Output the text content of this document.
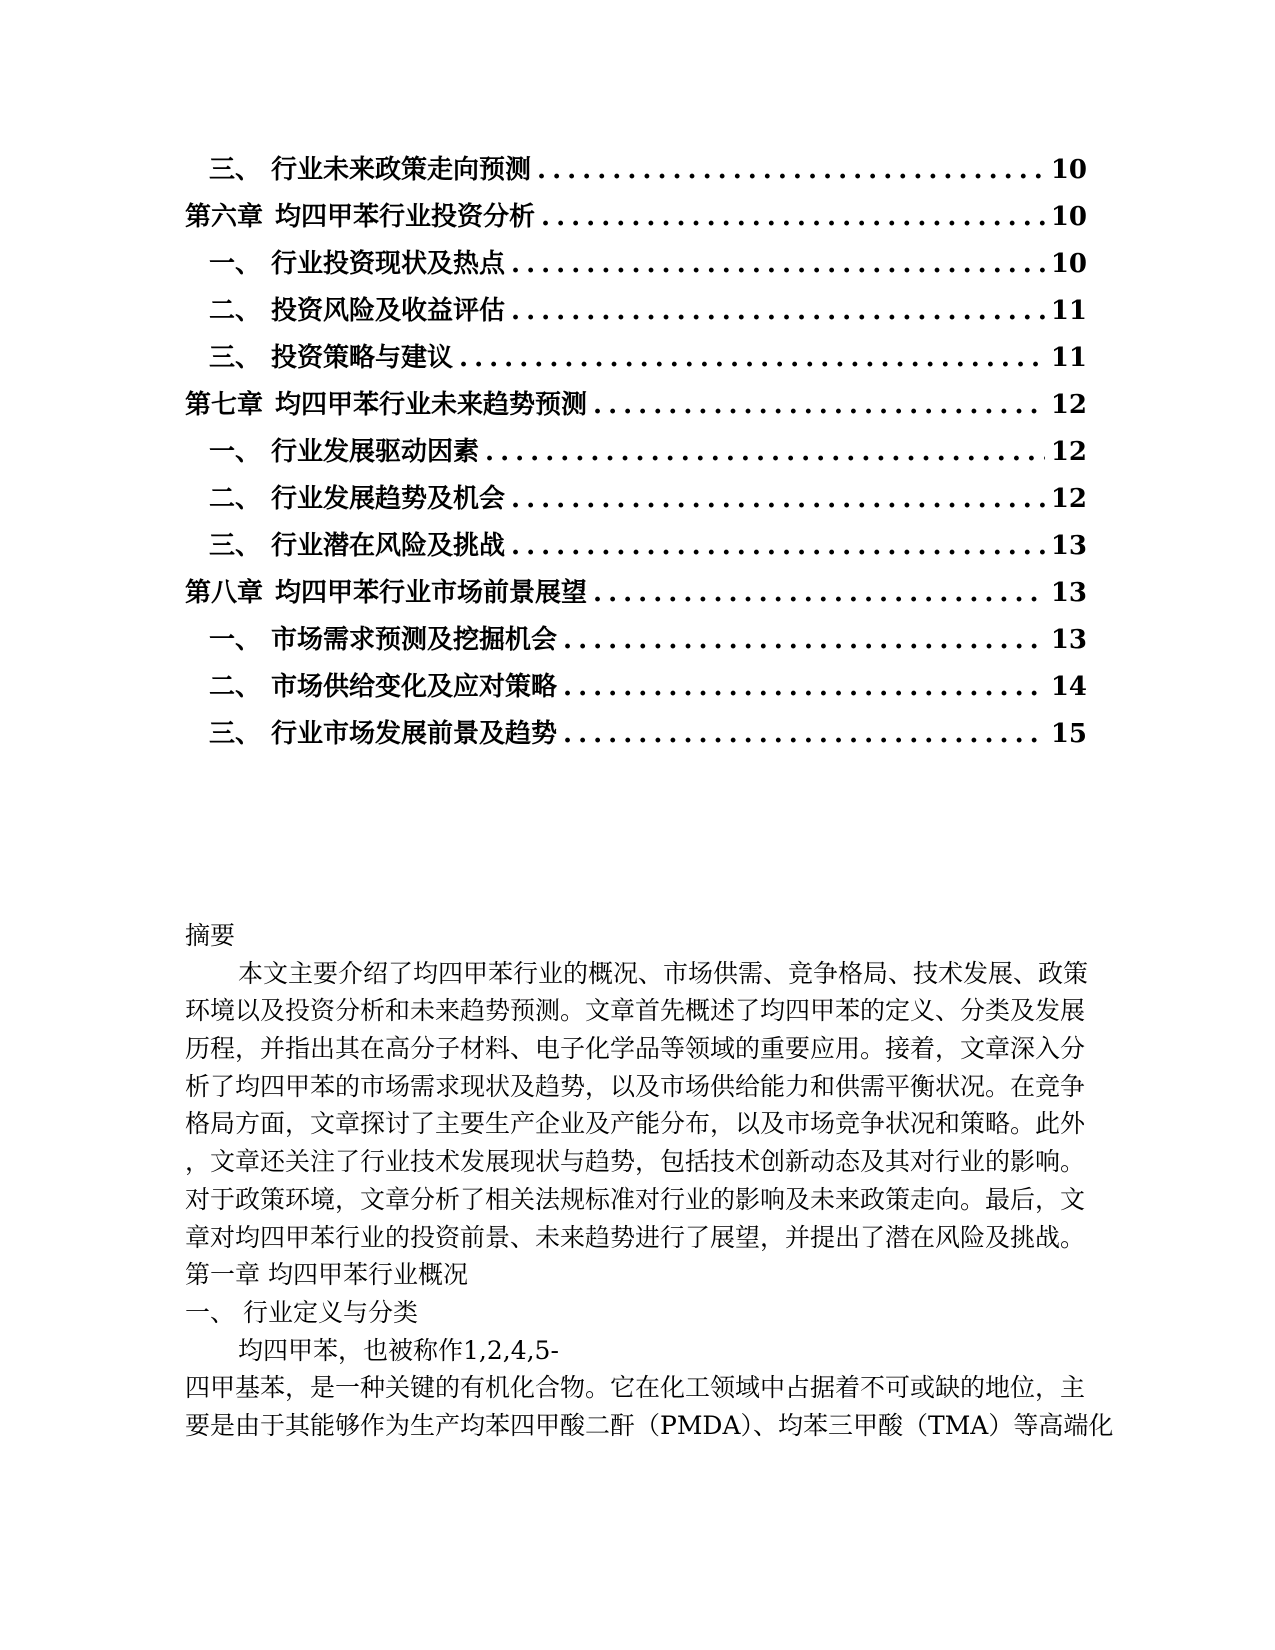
三、 行业未来政策走向预测 .....	10
第六章 均四甲苯行业投资分析 .....	10
一、 行业投资现状及热点 .....	10
二、 投资风险及收益评估 .....	11
三、 投资策略与建议 .....	11
第七章 均四甲苯行业未来趋势预测 .....	12
一、 行业发展驱动因素 .....	12
二、 行业发展趋势及机会 .....	12
三、 行业潜在风险及挑战 .....	13
第八章 均四甲苯行业市场前景展望 .....	13
一、 市场需求预测及挖掘机会 .....	13
二、 市场供给变化及应对策略 .....	14
三、 行业市场发展前景及趋势 .....	15
摘要
本文主要介绍了均四甲苯行业的概况、市场供需、竞争格局、技术发展、政策
环境以及投资分析和未来趋势预测。文章首先概述了均四甲苯的定义、分类及发展
历程，并指出其在高分子材料、电子化学品等领域的重要应用。接着，文章深入分
析了均四甲苯的市场需求现状及趋势，以及市场供给能力和供需平衡状况。在竞争
格局方面，文章探讨了主要生产企业及产能分布，以及市场竞争状况和策略。此外
，文章还关注了行业技术发展现状与趋势，包括技术创新动态及其对行业的影响。
对于政策环境，文章分析了相关法规标准对行业的影响及未来政策走向。最后，文
章对均四甲苯行业的投资前景、未来趋势进行了展望，并提出了潜在风险及挑战。
第一章 均四甲苯行业概况
一、 行业定义与分类
均四甲苯，也被称作1,2,4,5-
四甲基苯，是一种关键的有机化合物。它在化工领域中占据着不可或缺的地位，主
要是由于其能够作为生产均苯四甲酸二酐（PMDA）、均苯三甲酸（TMA）等高端化
